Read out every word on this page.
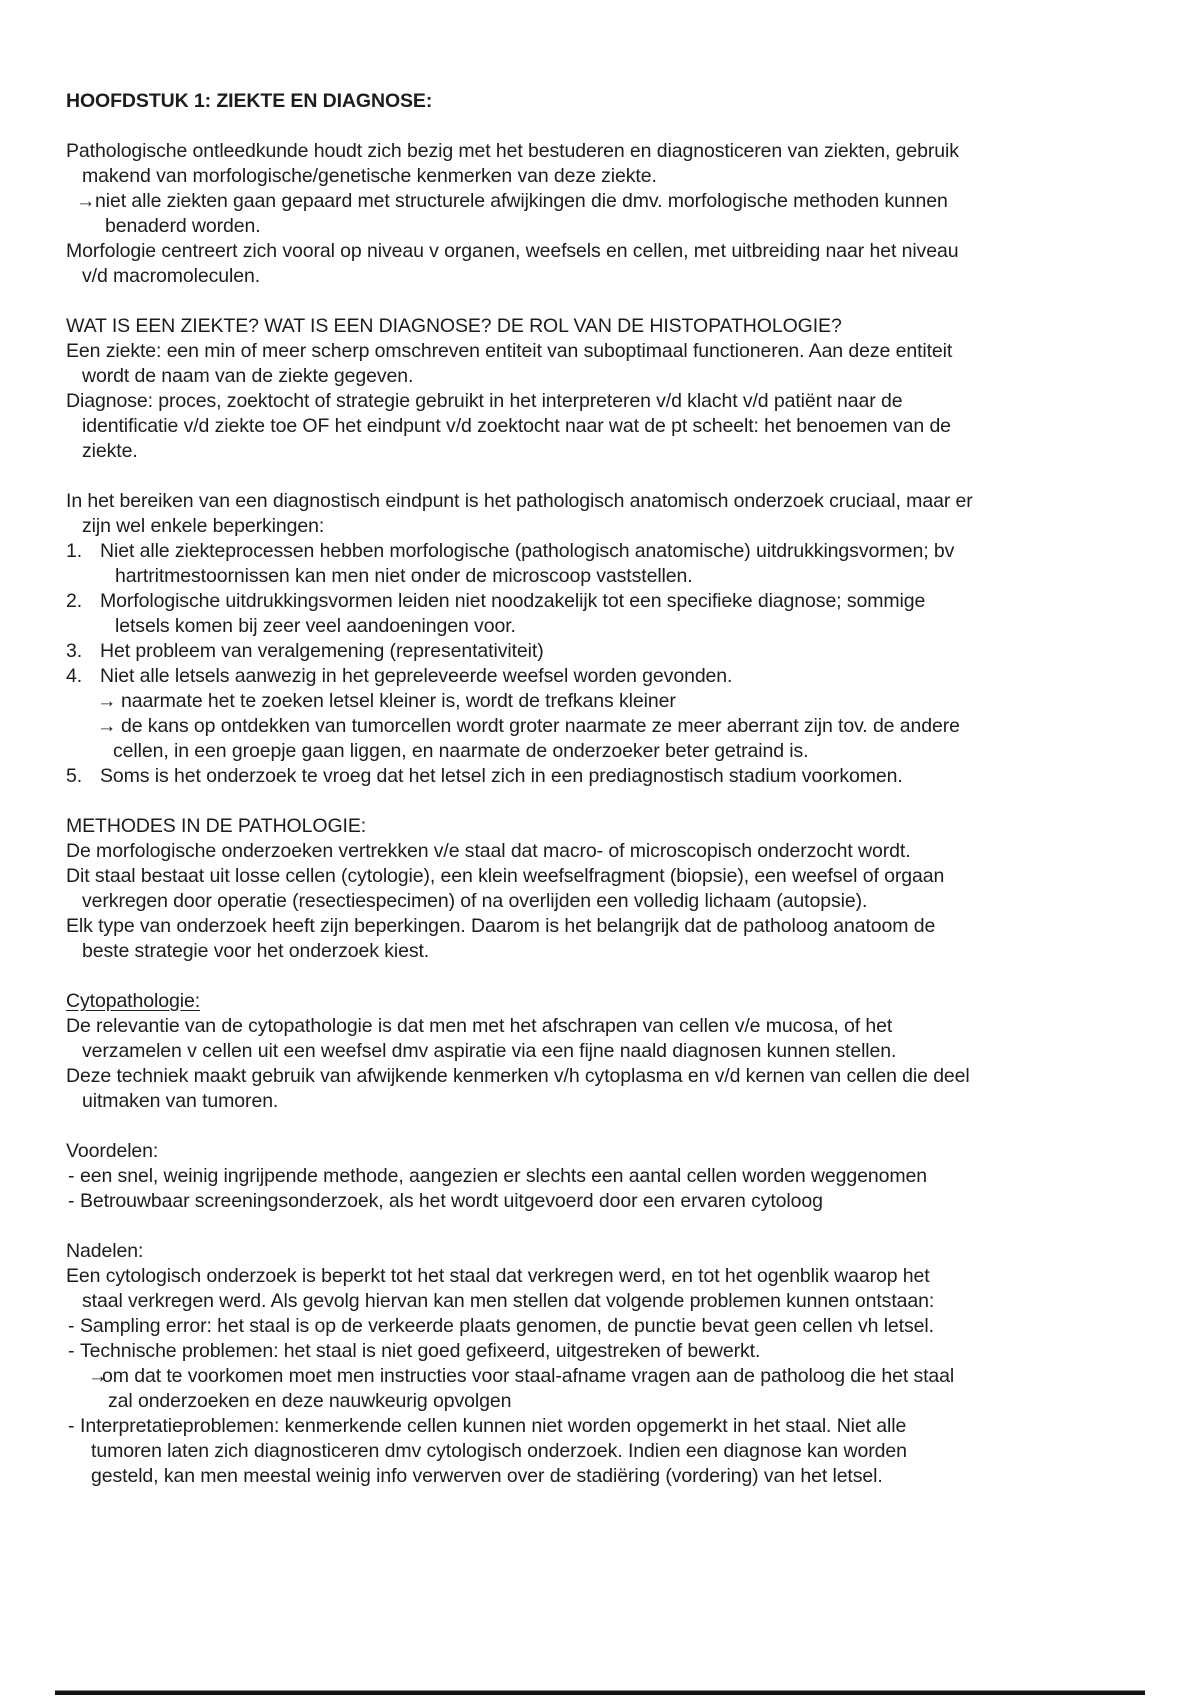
HOOFDSTUK 1: ZIEKTE EN DIAGNOSE:
Pathologische ontleedkunde houdt zich bezig met het bestuderen en diagnosticeren van ziekten, gebruik
makend van morfologische/genetische kenmerken van deze ziekte.
→ niet alle ziekten gaan gepaard met structurele afwijkingen die dmv. morfologische methoden kunnen
benaderd worden.
Morfologie centreert zich vooral op niveau v organen, weefsels en cellen, met uitbreiding naar het niveau
v/d macromoleculen.
WAT IS EEN ZIEKTE? WAT IS EEN DIAGNOSE? DE ROL VAN DE HISTOPATHOLOGIE?
Een ziekte: een min of meer scherp omschreven entiteit van suboptimaal functioneren. Aan deze entiteit
wordt de naam van de ziekte gegeven.
Diagnose: proces, zoektocht of strategie gebruikt in het interpreteren v/d klacht v/d patiënt naar de
identificatie v/d ziekte toe OF het eindpunt v/d zoektocht naar wat de pt scheelt: het benoemen van de
ziekte.
In het bereiken van een diagnostisch eindpunt is het pathologisch anatomisch onderzoek cruciaal, maar er
zijn wel enkele beperkingen:
1. Niet alle ziekteprocessen hebben morfologische (pathologisch anatomische) uitdrukkingsvormen; bv
hartritmestoornissen kan men niet onder de microscoop vaststellen.
2. Morfologische uitdrukkingsvormen leiden niet noodzakelijk tot een specifieke diagnose; sommige
letsels komen bij zeer veel aandoeningen voor.
3. Het probleem van veralgemening (representativiteit)
4. Niet alle letsels aanwezig in het gepreleveerde weefsel worden gevonden.
→ naarmate het te zoeken letsel kleiner is, wordt de trefkans kleiner
→ de kans op ontdekken van tumorcellen wordt groter naarmate ze meer aberrant zijn tov. de andere
cellen, in een groepje gaan liggen, en naarmate de onderzoeker beter getraind is.
5. Soms is het onderzoek te vroeg dat het letsel zich in een prediagnostisch stadium voorkomen.
METHODES IN DE PATHOLOGIE:
De morfologische onderzoeken vertrekken v/e staal dat macro- of microscopisch onderzocht wordt.
Dit staal bestaat uit losse cellen (cytologie), een klein weefselfragment (biopsie), een weefsel of orgaan
verkregen door operatie (resectiespecimen) of na overlijden een volledig lichaam (autopsie).
Elk type van onderzoek heeft zijn beperkingen. Daarom is het belangrijk dat de patholoog anatoom de
beste strategie voor het onderzoek kiest.
Cytopathologie:
De relevantie van de cytopathologie is dat men met het afschrapen van cellen v/e mucosa, of het
verzamelen v cellen uit een weefsel dmv aspiratie via een fijne naald diagnosen kunnen stellen.
Deze techniek maakt gebruik van afwijkende kenmerken v/h cytoplasma en v/d kernen van cellen die deel
uitmaken van tumoren.
Voordelen:
- een snel, weinig ingrijpende methode, aangezien er slechts een aantal cellen worden weggenomen
- Betrouwbaar screeningsonderzoek, als het wordt uitgevoerd door een ervaren cytoloog
Nadelen:
Een cytologisch onderzoek is beperkt tot het staal dat verkregen werd, en tot het ogenblik waarop het
staal verkregen werd. Als gevolg hiervan kan men stellen dat volgende problemen kunnen ontstaan:
- Sampling error: het staal is op de verkeerde plaats genomen, de punctie bevat geen cellen vh letsel.
- Technische problemen: het staal is niet goed gefixeerd, uitgestreken of bewerkt.
→
om dat te voorkomen moet men instructies voor staal-afname vragen aan de patholoog die het staal
zal onderzoeken en deze nauwkeurig opvolgen
- Interpretatieproblemen: kenmerkende cellen kunnen niet worden opgemerkt in het staal. Niet alle
tumoren laten zich diagnosticeren dmv cytologisch onderzoek. Indien een diagnose kan worden
gesteld, kan men meestal weinig info verwerven over de stadiëring (vordering) van het letsel.
